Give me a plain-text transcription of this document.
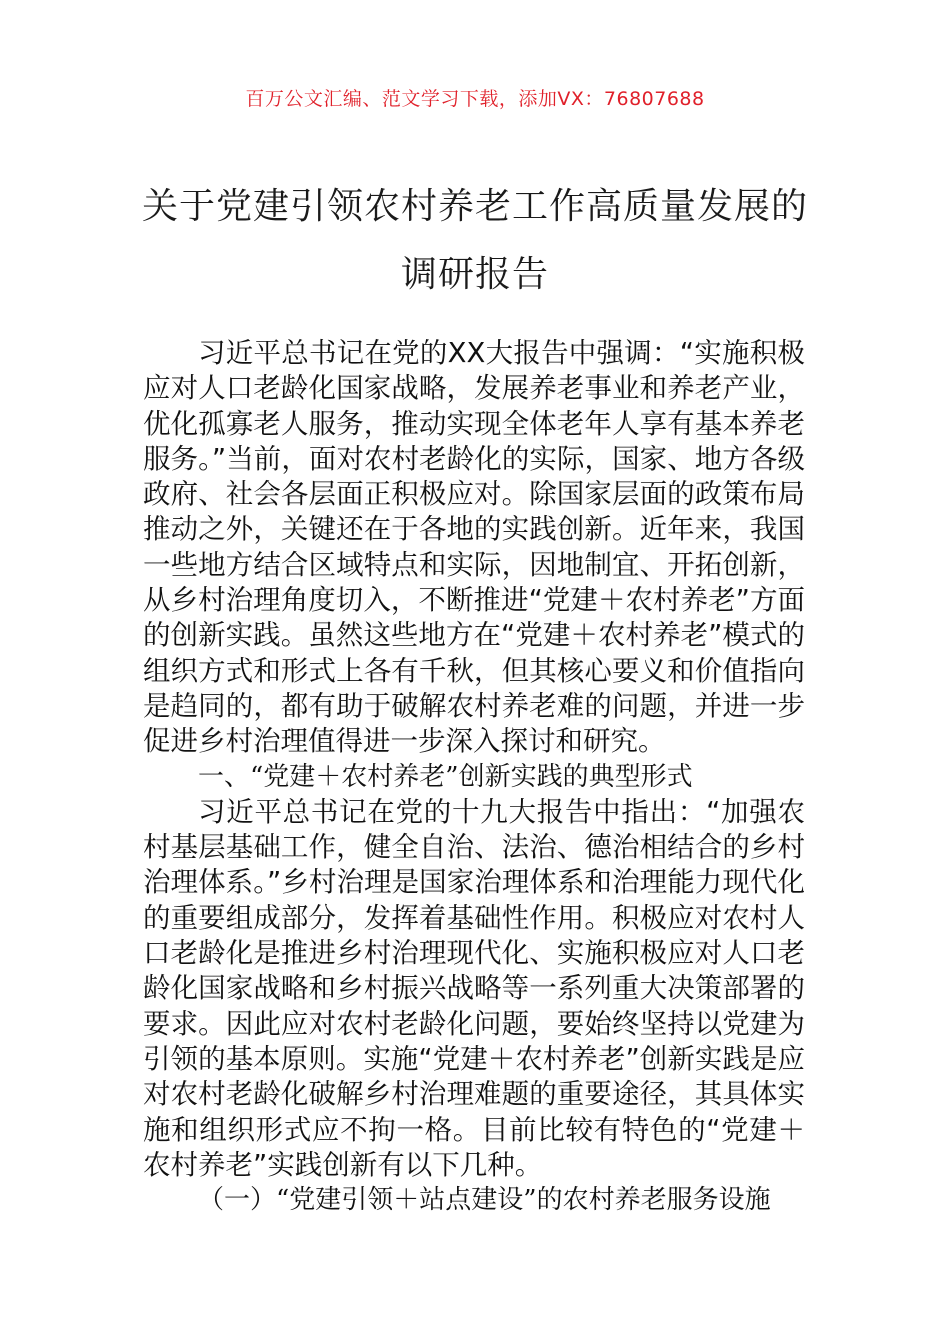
百万公文汇编、范文学习下载，添加VX：76807688
关于党建引领农村养老工作高质量发展的
调研报告

习近平总书记在党的XX大报告中强调：“实施积极应对人口老龄化国家战略，发展养老事业和养老产业，优化孤寡老人服务，推动实现全体老年人享有基本养老服务。”当前，面对农村老龄化的实际，国家、地方各级政府、社会各层面正积极应对。除国家层面的政策布局推动之外，关键还在于各地的实践创新。近年来，我国一些地方结合区域特点和实际，因地制宜、开拓创新，从乡村治理角度切入，不断推进“党建＋农村养老”方面的创新实践。虽然这些地方在“党建＋农村养老”模式的组织方式和形式上各有千秋，但其核心要义和价值指向是趋同的，都有助于破解农村养老难的问题，并进一步促进乡村治理值得进一步深入探讨和研究。

一、“党建＋农村养老”创新实践的典型形式

习近平总书记在党的十九大报告中指出：“加强农村基层基础工作，健全自治、法治、德治相结合的乡村治理体系。”乡村治理是国家治理体系和治理能力现代化的重要组成部分，发挥着基础性作用。积极应对农村人口老龄化是推进乡村治理现代化、实施积极应对人口老龄化国家战略和乡村振兴战略等一系列重大决策部署的要求。因此应对农村老龄化问题，要始终坚持以党建为引领的基本原则。实施“党建＋农村养老”创新实践是应对农村老龄化破解乡村治理难题的重要途径，其具体实施和组织形式应不拘一格。目前比较有特色的“党建＋农村养老”实践创新有以下几种。

（一）“党建引领＋站点建设”的农村养老服务设施
